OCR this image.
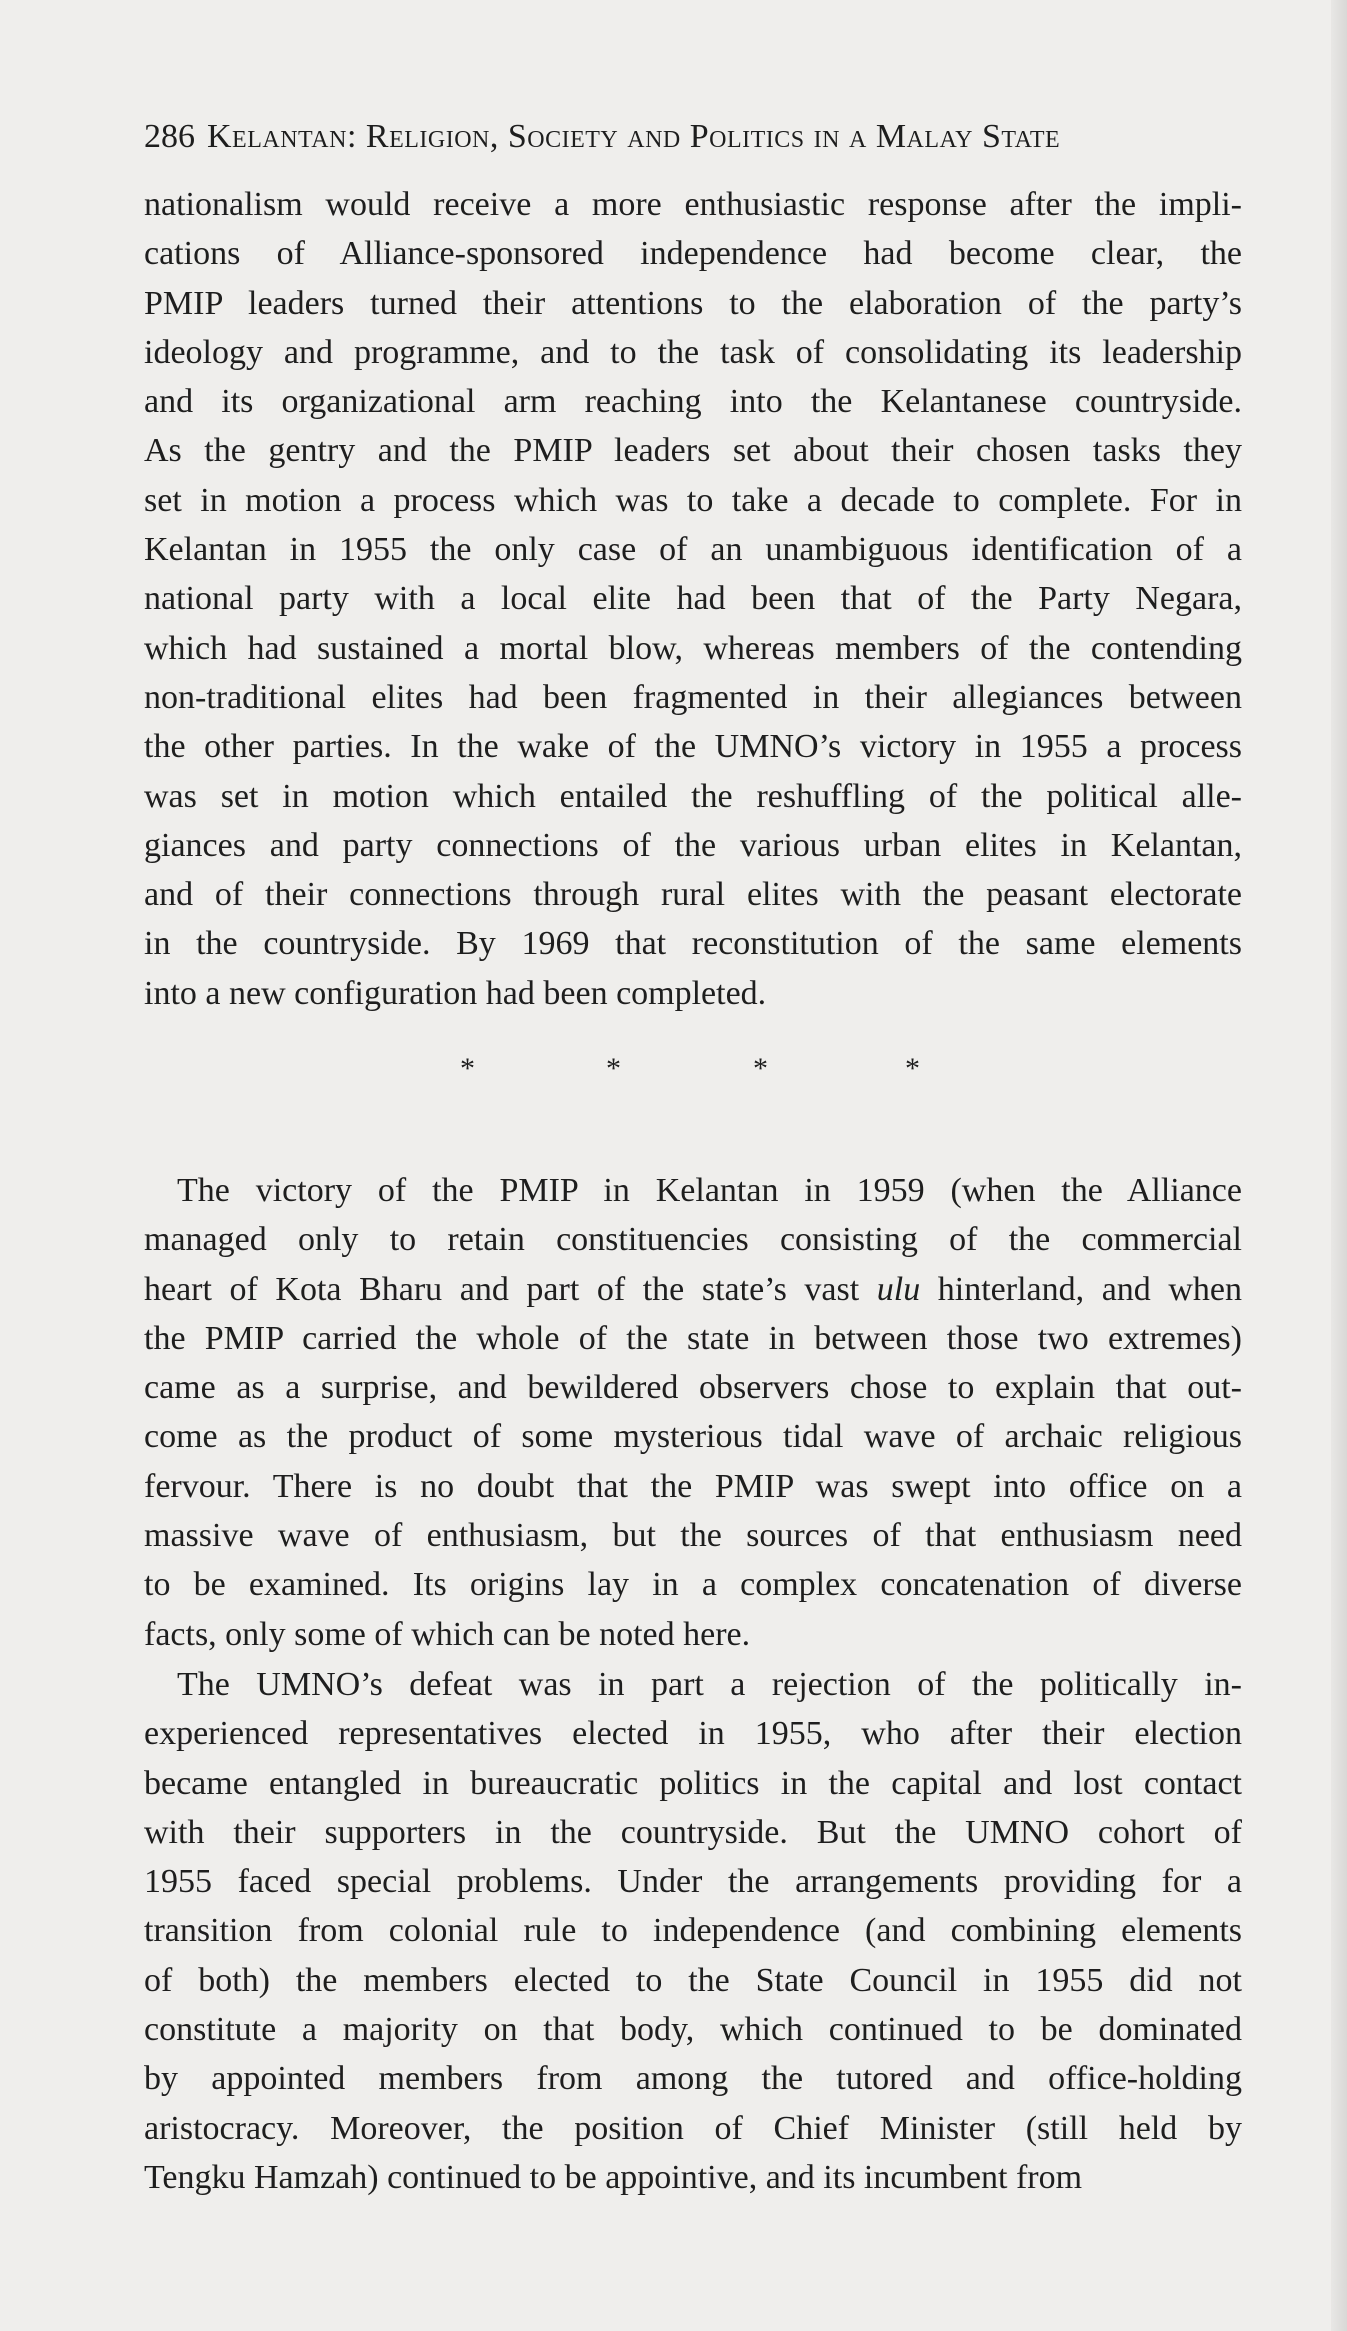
286 Kelantan: Religion, Society and Politics in a Malay State
nationalism would receive a more enthusiastic response after the impli-
cations of Alliance-sponsored independence had become clear, the
PMIP leaders turned their attentions to the elaboration of the party’s
ideology and programme, and to the task of consolidating its leadership
and its organizational arm reaching into the Kelantanese countryside.
As the gentry and the PMIP leaders set about their chosen tasks they
set in motion a process which was to take a decade to complete. For in
Kelantan in 1955 the only case of an unambiguous identification of a
national party with a local elite had been that of the Party Negara,
which had sustained a mortal blow, whereas members of the contending
non-traditional elites had been fragmented in their allegiances between
the other parties. In the wake of the UMNO’s victory in 1955 a process
was set in motion which entailed the reshuffling of the political alle-
giances and party connections of the various urban elites in Kelantan,
and of their connections through rural elites with the peasant electorate
in the countryside. By 1969 that reconstitution of the same elements
into a new configuration had been completed.
*	*	*	*
The victory of the PMIP in Kelantan in 1959 (when the Alliance
managed only to retain constituencies consisting of the commercial
heart of Kota Bharu and part of the state’s vast ulu hinterland, and when
the PMIP carried the whole of the state in between those two extremes)
came as a surprise, and bewildered observers chose to explain that out-
come as the product of some mysterious tidal wave of archaic religious
fervour. There is no doubt that the PMIP was swept into office on a
massive wave of enthusiasm, but the sources of that enthusiasm need
to be examined. Its origins lay in a complex concatenation of diverse
facts, only some of which can be noted here.
The UMNO’s defeat was in part a rejection of the politically in-
experienced representatives elected in 1955, who after their election
became entangled in bureaucratic politics in the capital and lost contact
with their supporters in the countryside. But the UMNO cohort of
1955 faced special problems. Under the arrangements providing for a
transition from colonial rule to independence (and combining elements
of both) the members elected to the State Council in 1955 did not
constitute a majority on that body, which continued to be dominated
by appointed members from among the tutored and office-holding
aristocracy. Moreover, the position of Chief Minister (still held by
Tengku Hamzah) continued to be appointive, and its incumbent from
